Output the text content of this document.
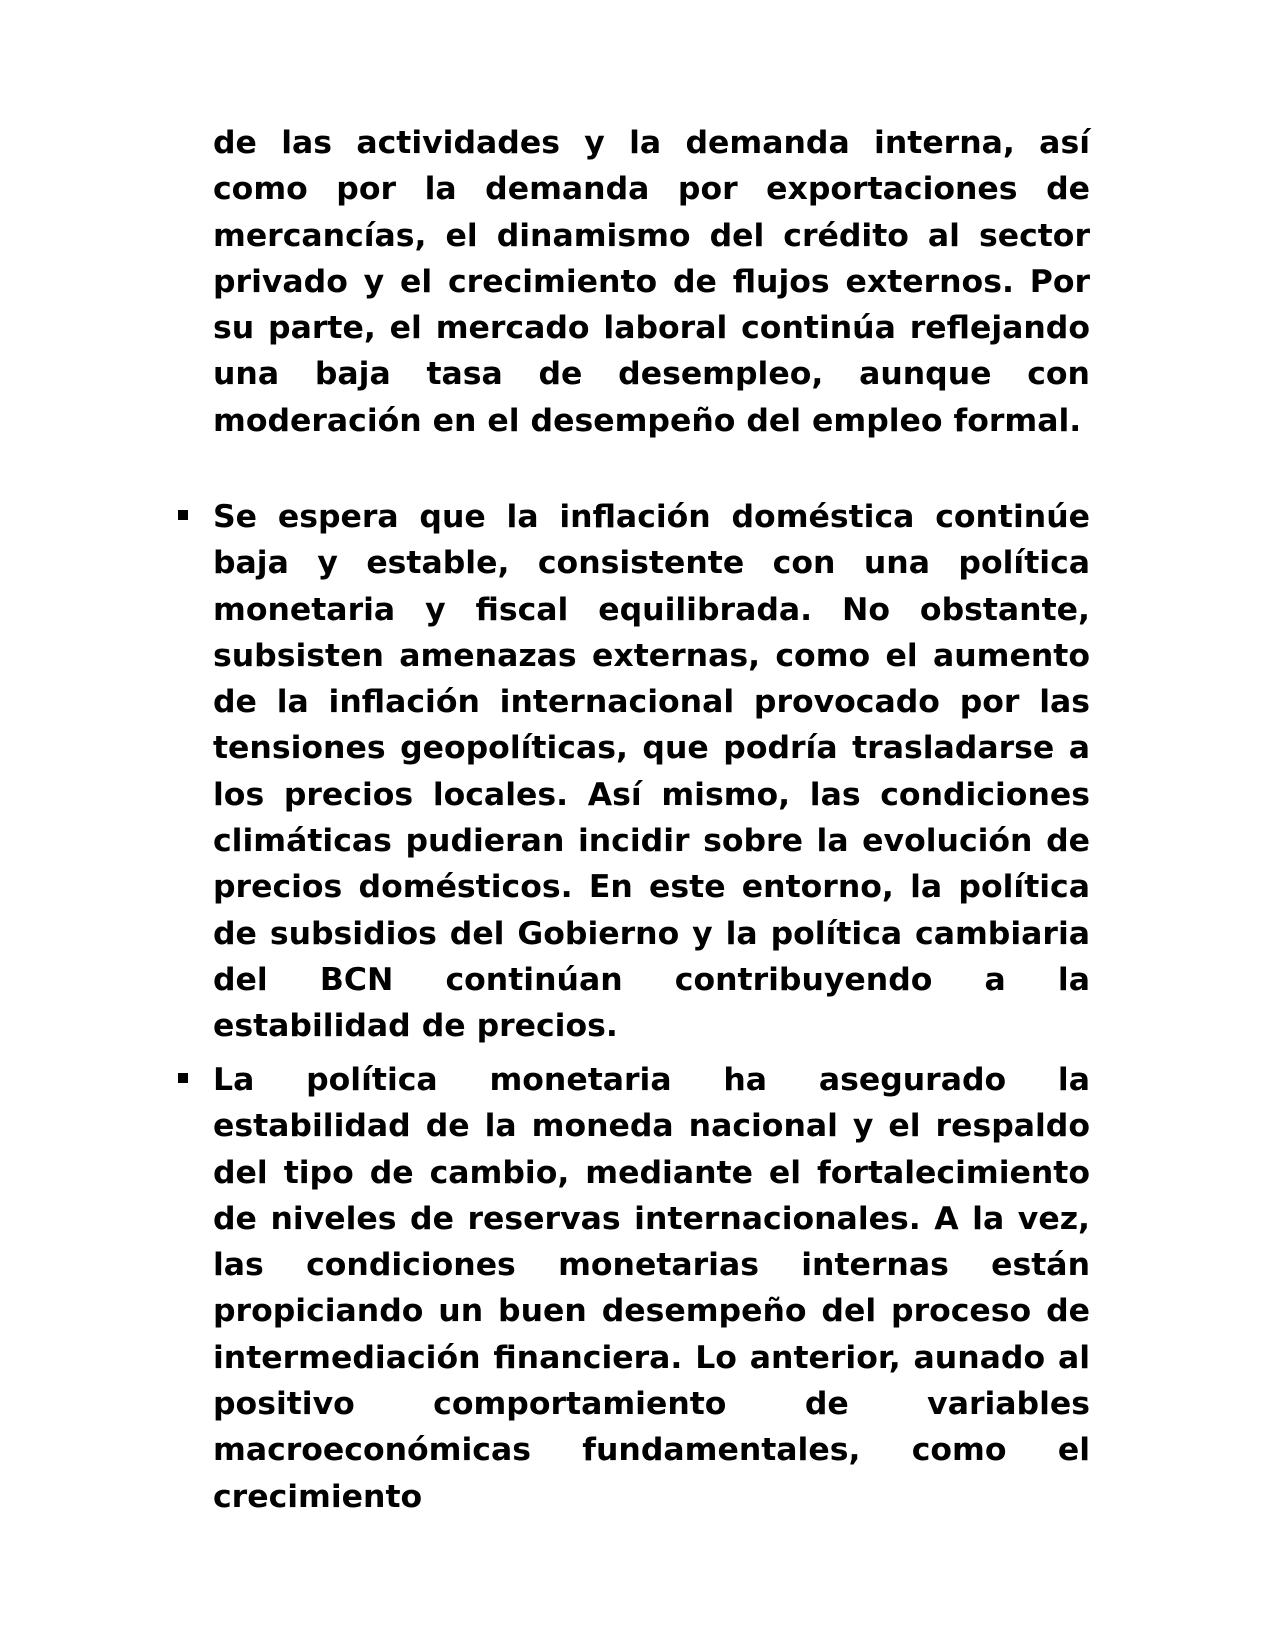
de las actividades y la demanda interna, así como por la demanda por exportaciones de mercancías, el dinamismo del crédito al sector privado y el crecimiento de flujos externos. Por su parte, el mercado laboral continúa reflejando una baja tasa de desempleo, aunque con moderación en el desempeño del empleo formal.

Se espera que la inflación doméstica continúe baja y estable, consistente con una política monetaria y fiscal equilibrada. No obstante, subsisten amenazas externas, como el aumento de la inflación internacional provocado por las tensiones geopolíticas, que podría trasladarse a los precios locales. Así mismo, las condiciones climáticas pudieran incidir sobre la evolución de precios domésticos. En este entorno, la política de subsidios del Gobierno y la política cambiaria del BCN continúan contribuyendo a la estabilidad de precios.

La política monetaria ha asegurado la estabilidad de la moneda nacional y el respaldo del tipo de cambio, mediante el fortalecimiento de niveles de reservas internacionales. A la vez, las condiciones monetarias internas están propiciando un buen desempeño del proceso de intermediación financiera. Lo anterior, aunado al positivo comportamiento de variables macroeconómicas fundamentales, como el crecimiento
